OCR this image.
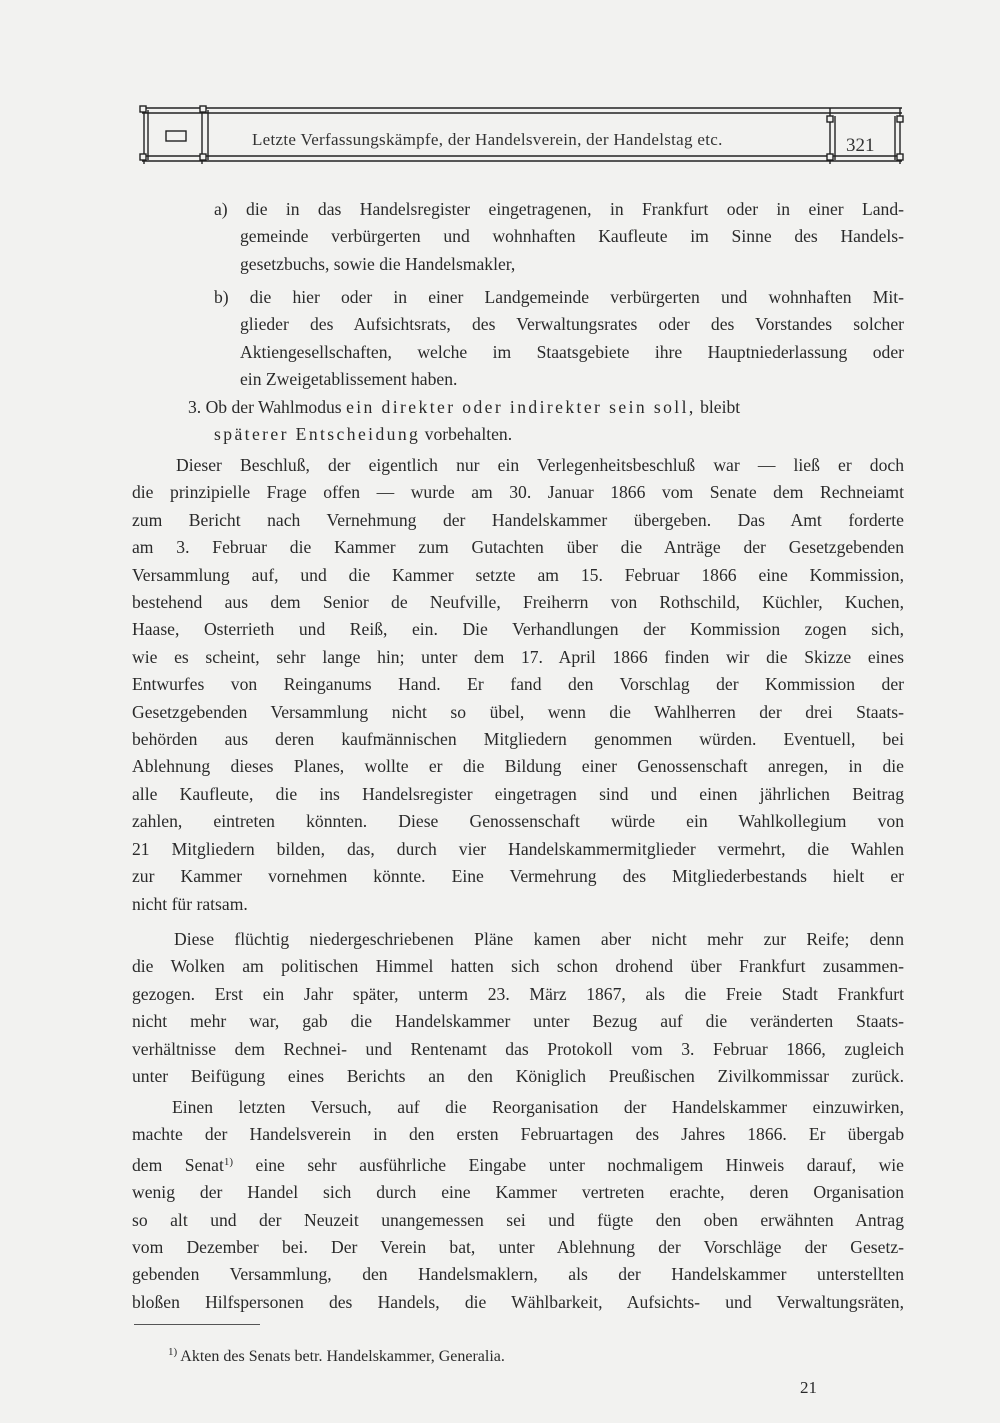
Letzte Verfassungskämpfe, der Handelsverein, der Handelstag etc.	321
a) die in das Handelsregister eingetragenen, in Frankfurt oder in einer Land-
gemeinde verbürgerten und wohnhaften Kaufleute im Sinne des Handels-
gesetzbuchs, sowie die Handelsmakler,
b) die hier oder in einer Landgemeinde verbürgerten und wohnhaften Mit-
glieder des Aufsichtsrats, des Verwaltungsrates oder des Vorstandes solcher
Aktiengesellschaften, welche im Staatsgebiete ihre Hauptniederlassung oder
ein Zweigetablissement haben.
3. Ob der Wahlmodus ein direkter oder indirekter sein soll, bleibt
späterer Entscheidung vorbehalten.
Dieser Beschluß, der eigentlich nur ein Verlegenheitsbeschluß war — ließ er doch
die prinzipielle Frage offen — wurde am 30. Januar 1866 vom Senate dem Rechneiamt
zum Bericht nach Vernehmung der Handelskammer übergeben. Das Amt forderte
am 3. Februar die Kammer zum Gutachten über die Anträge der Gesetzgebenden
Versammlung auf, und die Kammer setzte am 15. Februar 1866 eine Kommission,
bestehend aus dem Senior de Neufville, Freiherrn von Rothschild, Küchler, Kuchen,
Haase, Osterrieth und Reiß, ein. Die Verhandlungen der Kommission zogen sich,
wie es scheint, sehr lange hin; unter dem 17. April 1866 finden wir die Skizze eines
Entwurfes von Reinganums Hand. Er fand den Vorschlag der Kommission der
Gesetzgebenden Versammlung nicht so übel, wenn die Wahlherren der drei Staats-
behörden aus deren kaufmännischen Mitgliedern genommen würden. Eventuell, bei
Ablehnung dieses Planes, wollte er die Bildung einer Genossenschaft anregen, in die
alle Kaufleute, die ins Handelsregister eingetragen sind und einen jährlichen Beitrag
zahlen, eintreten könnten. Diese Genossenschaft würde ein Wahlkollegium von
21 Mitgliedern bilden, das, durch vier Handelskammermitglieder vermehrt, die Wahlen
zur Kammer vornehmen könnte. Eine Vermehrung des Mitgliederbestands hielt er
nicht für ratsam.
Diese flüchtig niedergeschriebenen Pläne kamen aber nicht mehr zur Reife; denn
die Wolken am politischen Himmel hatten sich schon drohend über Frankfurt zusammen-
gezogen. Erst ein Jahr später, unterm 23. März 1867, als die Freie Stadt Frankfurt
nicht mehr war, gab die Handelskammer unter Bezug auf die veränderten Staats-
verhältnisse dem Rechnei- und Rentenamt das Protokoll vom 3. Februar 1866, zugleich
unter Beifügung eines Berichts an den Königlich Preußischen Zivilkommissar zurück.
Einen letzten Versuch, auf die Reorganisation der Handelskammer einzuwirken,
machte der Handelsverein in den ersten Februartagen des Jahres 1866. Er übergab
dem Senat$^{1)}$ eine sehr ausführliche Eingabe unter nochmaligem Hinweis darauf, wie
wenig der Handel sich durch eine Kammer vertreten erachte, deren Organisation
so alt und der Neuzeit unangemessen sei und fügte den oben erwähnten Antrag
vom Dezember bei. Der Verein bat, unter Ablehnung der Vorschläge der Gesetz-
gebenden Versammlung, den Handelsmaklern, als der Handelskammer unterstellten
bloßen Hilfspersonen des Handels, die Wählbarkeit, Aufsichts- und Verwaltungsräten,
$^{1)}$ Akten des Senats betr. Handelskammer, Generalia.
21
